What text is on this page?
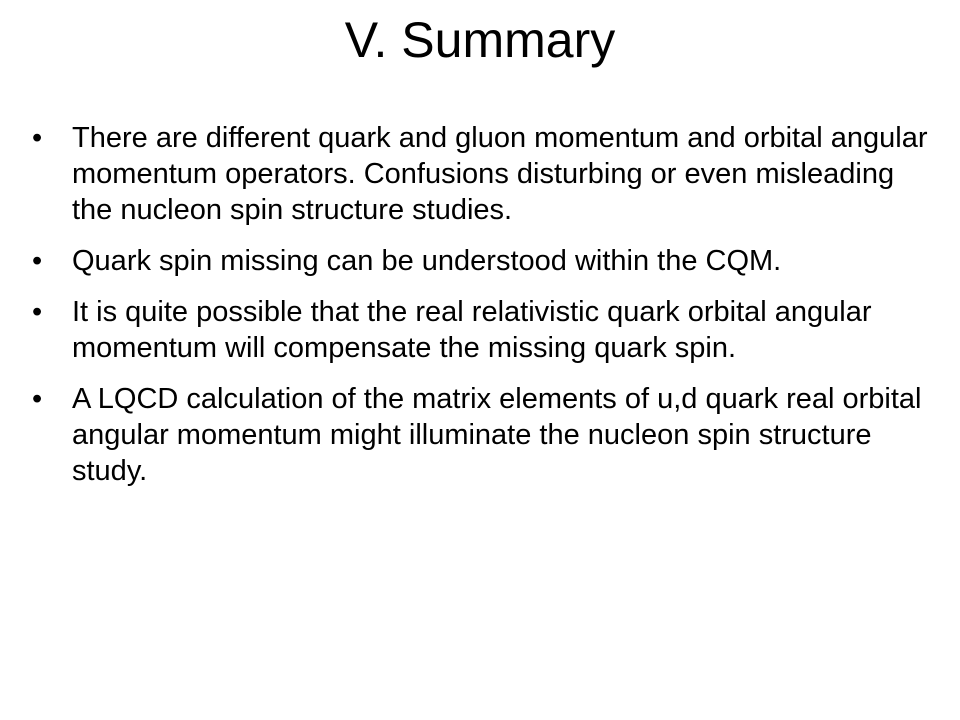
V. Summary
•	There are different quark and gluon momentum and orbital angular momentum operators. Confusions disturbing or even misleading the nucleon spin structure studies.
•	Quark spin missing can be understood within the CQM.
•	It is quite possible that the real relativistic quark orbital angular momentum will compensate the missing quark spin.
•	A LQCD calculation of the matrix elements of u,d quark real orbital angular momentum might illuminate the nucleon spin structure study.
